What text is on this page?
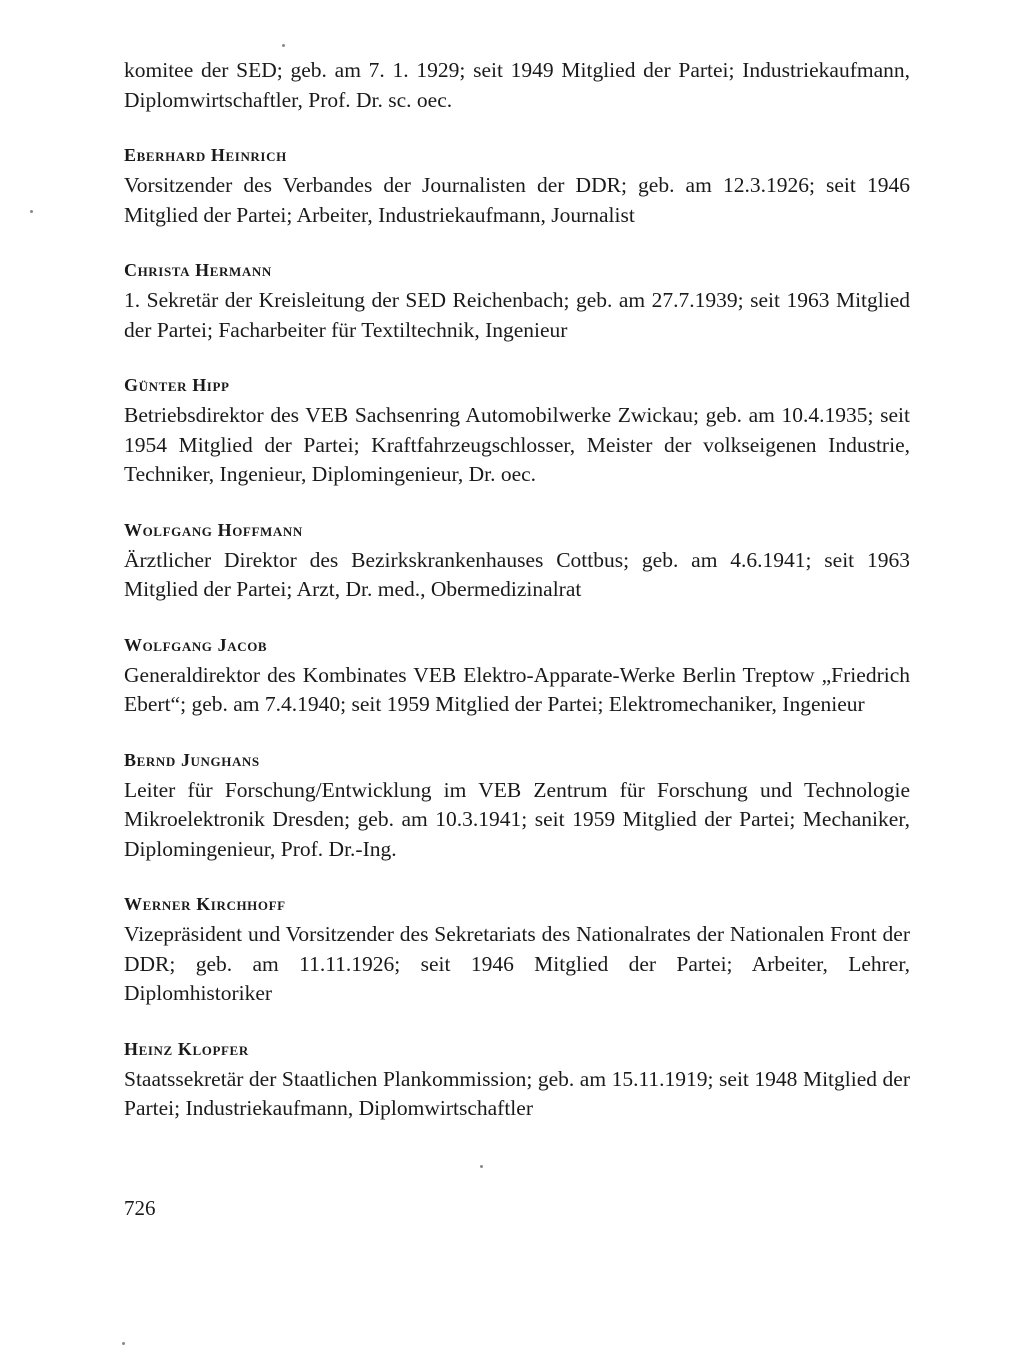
komitee der SED; geb. am 7. 1. 1929; seit 1949 Mitglied der Partei; Industriekaufmann, Diplomwirtschaftler, Prof. Dr. sc. oec.

Eberhard Heinrich

Vorsitzender des Verbandes der Journalisten der DDR; geb. am 12.3.1926; seit 1946 Mitglied der Partei; Arbeiter, Industriekaufmann, Journalist

Christa Hermann

1. Sekretär der Kreisleitung der SED Reichenbach; geb. am 27.7.1939; seit 1963 Mitglied der Partei; Facharbeiter für Textiltechnik, Ingenieur

Günter Hipp

Betriebsdirektor des VEB Sachsenring Automobilwerke Zwickau; geb. am 10.4.1935; seit 1954 Mitglied der Partei; Kraftfahrzeugschlosser, Meister der volkseigenen Industrie, Techniker, Ingenieur, Diplomingenieur, Dr. oec.

Wolfgang Hoffmann

Ärztlicher Direktor des Bezirkskrankenhauses Cottbus; geb. am 4.6.1941; seit 1963 Mitglied der Partei; Arzt, Dr. med., Obermedizinalrat

Wolfgang Jacob

Generaldirektor des Kombinates VEB Elektro-Apparate-Werke Berlin Treptow „Friedrich Ebert“; geb. am 7.4.1940; seit 1959 Mitglied der Partei; Elektromechaniker, Ingenieur

Bernd Junghans

Leiter für Forschung/Entwicklung im VEB Zentrum für Forschung und Technologie Mikroelektronik Dresden; geb. am 10.3.1941; seit 1959 Mitglied der Partei; Mechaniker, Diplomingenieur, Prof. Dr.-Ing.

Werner Kirchhoff

Vizepräsident und Vorsitzender des Sekretariats des Nationalrates der Nationalen Front der DDR; geb. am 11.11.1926; seit 1946 Mitglied der Partei; Arbeiter, Lehrer, Diplomhistoriker

Heinz Klopfer

Staatssekretär der Staatlichen Plankommission; geb. am 15.11.1919; seit 1948 Mitglied der Partei; Industriekaufmann, Diplomwirtschaftler

726
